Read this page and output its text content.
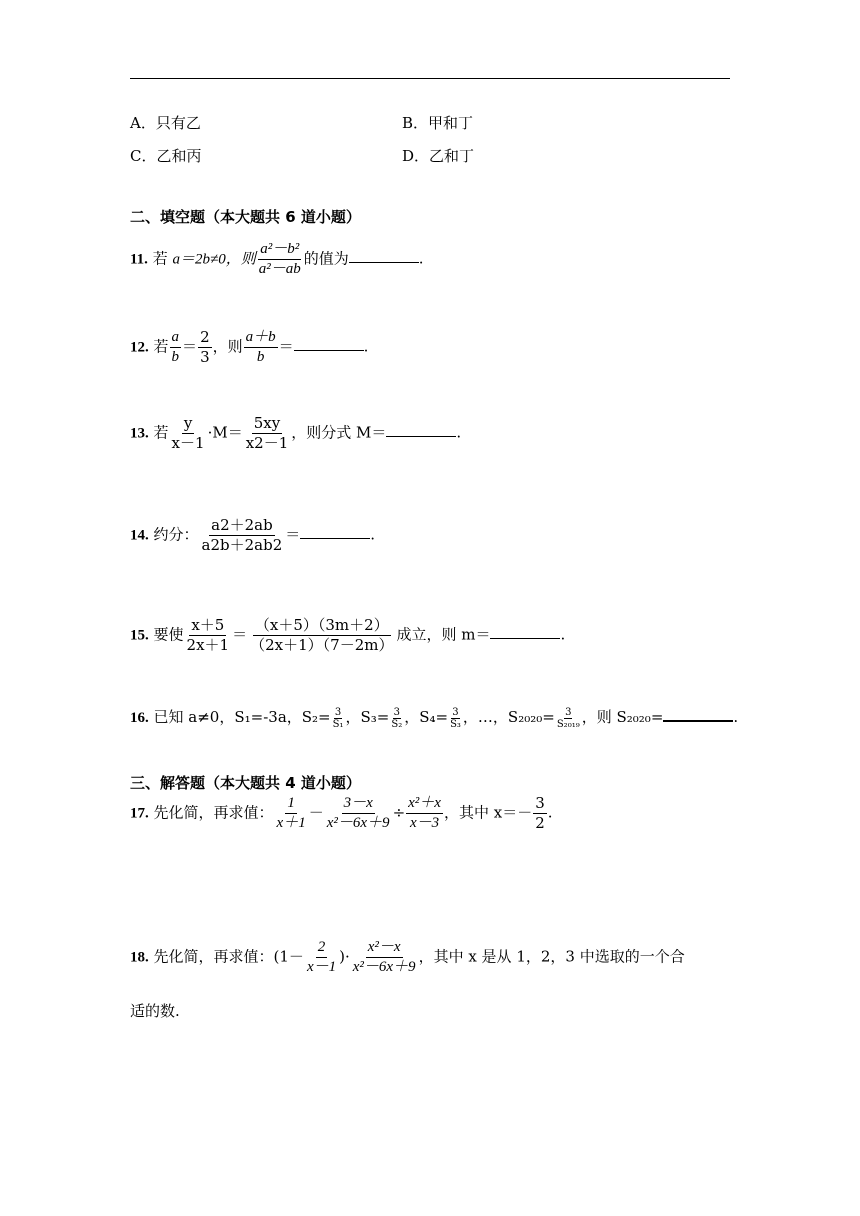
A．只有乙	B．甲和丁
C．乙和丙	D．乙和丁
二、填空题（本大题共 6 道小题）
11. 若 a＝2b≠0，则 $\frac{\text{a²－b²}}{\text{a²－ab}}$ 的值为	.
12. 若 $\frac{a}{b} = \frac{2}{3}$ ，则 $\frac{a+b}{b}$ ＝	.
13. 若 $\frac{y}{x-1} \cdot M= \frac{5xy}{x2-1}$ ，则分式 M＝	.
14. 约分： $\frac{a2+2ab}{a2b+2ab2}$ ＝	.
15. 要使 $\frac{x+5}{2x+1} = \frac{(x+5)(3m+2)}{(2x+1)(7-2m)}$ 成立，则 m＝	.
16. 已知 a≠0，S₁=-3a，$S_2= \frac{3}{\text{S₁}}$ ，$S_3= \frac{3}{\text{S₂}}$ ，$S_4= \frac{3}{\text{S₃}}$ ，…，$S_{2020}= \frac{3}{\text{S₂₀₁₉}}$ ，则 S₂₀₂₀=	.
三、解答题（本大题共 4 道小题）
17. 先化简，再求值： $\frac{1}{x+1} - \frac{3-x}{\text{x²－6x＋9}} \div \frac{\text{x²＋x}}{x-3}$ ，其中 $x=- \frac{3}{2}$ .
18. 先化简，再求值：($1- \frac{2}{x-1}$ )· $\frac{\text{x²－x}}{\text{x²－6x＋9}}$ ，其中 x 是从 1，2，3 中选取的一个合
适的数.
